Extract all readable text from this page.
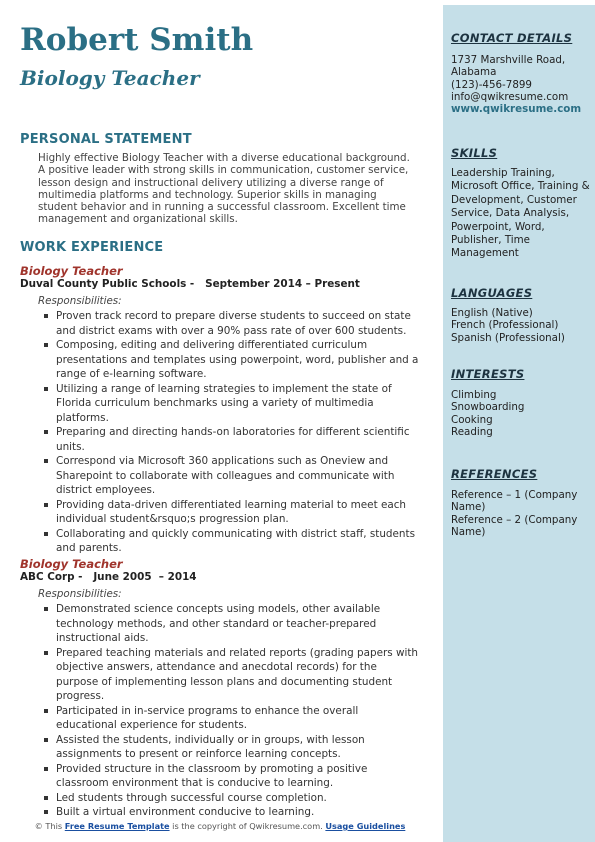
Robert Smith
Biology Teacher
PERSONAL STATEMENT

Highly effective Biology Teacher with a diverse educational background. A positive leader with strong skills in communication, customer service, lesson design and instructional delivery utilizing a diverse range of multimedia platforms and technology. Superior skills in managing student behavior and in running a successful classroom. Excellent time management and organizational skills.

WORK EXPERIENCE

Biology Teacher

Duval County Public Schools -   September 2014 – Present

Responsibilities:

Proven track record to prepare diverse students to succeed on state and district exams with over a 90% pass rate of over 600 students.
Composing, editing and delivering differentiated curriculum presentations and templates using powerpoint, word, publisher and a range of e-learning software.
Utilizing a range of learning strategies to implement the state of Florida curriculum benchmarks using a variety of multimedia platforms.
Preparing and directing hands-on laboratories for different scientific units.
Correspond via Microsoft 360 applications such as Oneview and Sharepoint to collaborate with colleagues and communicate with district employees.
Providing data-driven differentiated learning material to meet each individual student&rsquo;s progression plan.
Collaborating and quickly communicating with district staff, students and parents.

Biology Teacher

ABC Corp -   June 2005  – 2014

Responsibilities:

Demonstrated science concepts using models, other available technology methods, and other standard or teacher-prepared instructional aids.
Prepared teaching materials and related reports (grading papers with objective answers, attendance and anecdotal records) for the purpose of implementing lesson plans and documenting student progress.
Participated in in-service programs to enhance the overall educational experience for students.
Assisted the students, individually or in groups, with lesson assignments to present or reinforce learning concepts.
Provided structure in the classroom by promoting a positive classroom environment that is conducive to learning.
Led students through successful course completion.
Built a virtual environment conducive to learning.
© This Free Resume Template is the copyright of Qwikresume.com. Usage Guidelines
CONTACT DETAILS

1737 Marshville Road, Alabama

(123)-456-7899

info@qwikresume.com

www.qwikresume.com

SKILLS

Leadership Training, Microsoft Office, Training & Development, Customer Service, Data Analysis, Powerpoint, Word, Publisher, Time Management

LANGUAGES
English (Native)
French (Professional)
Spanish (Professional)
INTERESTS
Climbing
Snowboarding
Cooking
Reading
REFERENCES
Reference – 1 (Company Name)
Reference – 2 (Company Name)
